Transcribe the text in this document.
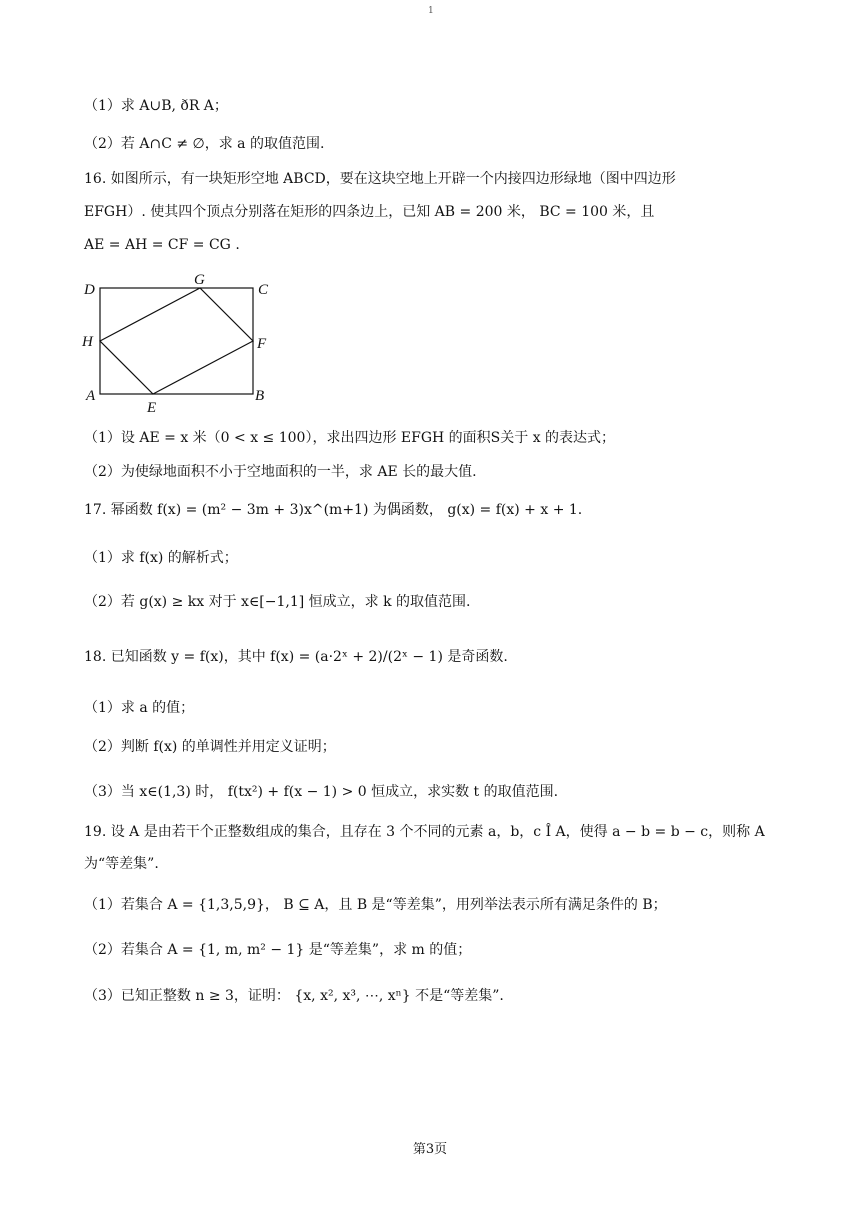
1
（1）求 A∪B, ðR A；
（2）若 A∩C ≠ ∅，求 a 的取值范围.
16. 如图所示，有一块矩形空地 ABCD，要在这块空地上开辟一个内接四边形绿地（图中四边形
EFGH）. 使其四个顶点分别落在矩形的四条边上，已知 AB = 200 米， BC = 100 米，且
AE = AH = CF = CG .
D
G
C
H	F
A
E
B
（1）设 AE = x 米（0 < x ≤ 100），求出四边形 EFGH 的面积S关于 x 的表达式；
（2）为使绿地面积不小于空地面积的一半，求 AE 长的最大值.
17. 幂函数 f(x) = (m² − 3m + 3)x^(m+1) 为偶函数， g(x) = f(x) + x + 1.
（1）求 f(x) 的解析式；
（2）若 g(x) ≥ kx 对于 x∈[−1,1] 恒成立，求 k 的取值范围.
18. 已知函数 y = f(x)，其中 f(x) = (a·2ˣ + 2)/(2ˣ − 1) 是奇函数.
（1）求 a 的值；
（2）判断 f(x) 的单调性并用定义证明；
（3）当 x∈(1,3) 时， f(tx²) + f(x − 1) > 0 恒成立，求实数 t 的取值范围.
19. 设 A 是由若干个正整数组成的集合，且存在 3 个不同的元素 a，b，c Î A，使得 a − b = b − c，则称 A
为“等差集”.
（1）若集合 A = {1,3,5,9}， B ⊆ A，且 B 是“等差集”，用列举法表示所有满足条件的 B；
（2）若集合 A = {1, m, m² − 1} 是“等差集”，求 m 的值；
（3）已知正整数 n ≥ 3，证明： {x, x², x³, ⋯, xⁿ} 不是“等差集”.
第3页
